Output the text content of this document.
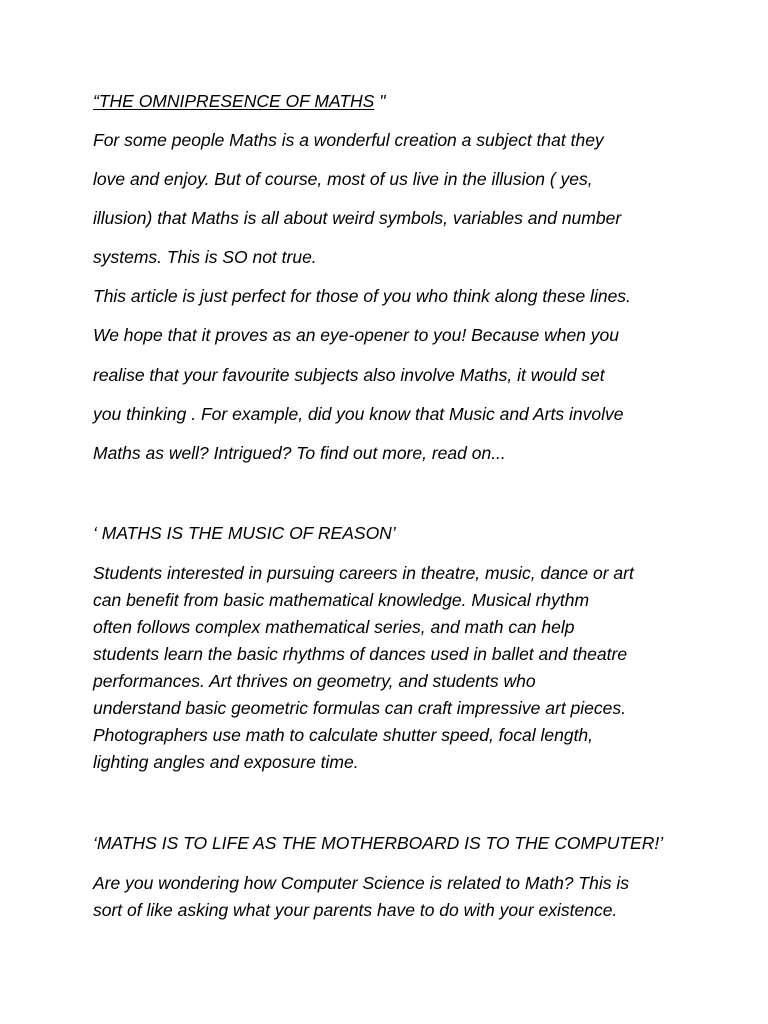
“THE OMNIPRESENCE OF MATHS "
For some people Maths is a wonderful creation a subject that they
love and enjoy. But of course, most of us live in the illusion ( yes,
illusion) that Maths is all about weird symbols, variables and number
systems. This is SO not true.
This article is just perfect for those of you who think along these lines.
We hope that it proves as an eye-opener to you! Because when you
realise that your favourite subjects also involve Maths, it would set
you thinking . For example, did you know that Music and Arts involve
Maths as well? Intrigued? To find out more, read on...
‘ MATHS IS THE MUSIC OF REASON’
Students interested in pursuing careers in theatre, music, dance or art
can benefit from basic mathematical knowledge. Musical rhythm
often follows complex mathematical series, and math can help
students learn the basic rhythms of dances used in ballet and theatre
performances. Art thrives on geometry, and students who
understand basic geometric formulas can craft impressive art pieces.
Photographers use math to calculate shutter speed, focal length,
lighting angles and exposure time.
‘MATHS IS TO LIFE AS THE MOTHERBOARD IS TO THE COMPUTER!’
Are you wondering how Computer Science is related to Math? This is
sort of like asking what your parents have to do with your existence.
